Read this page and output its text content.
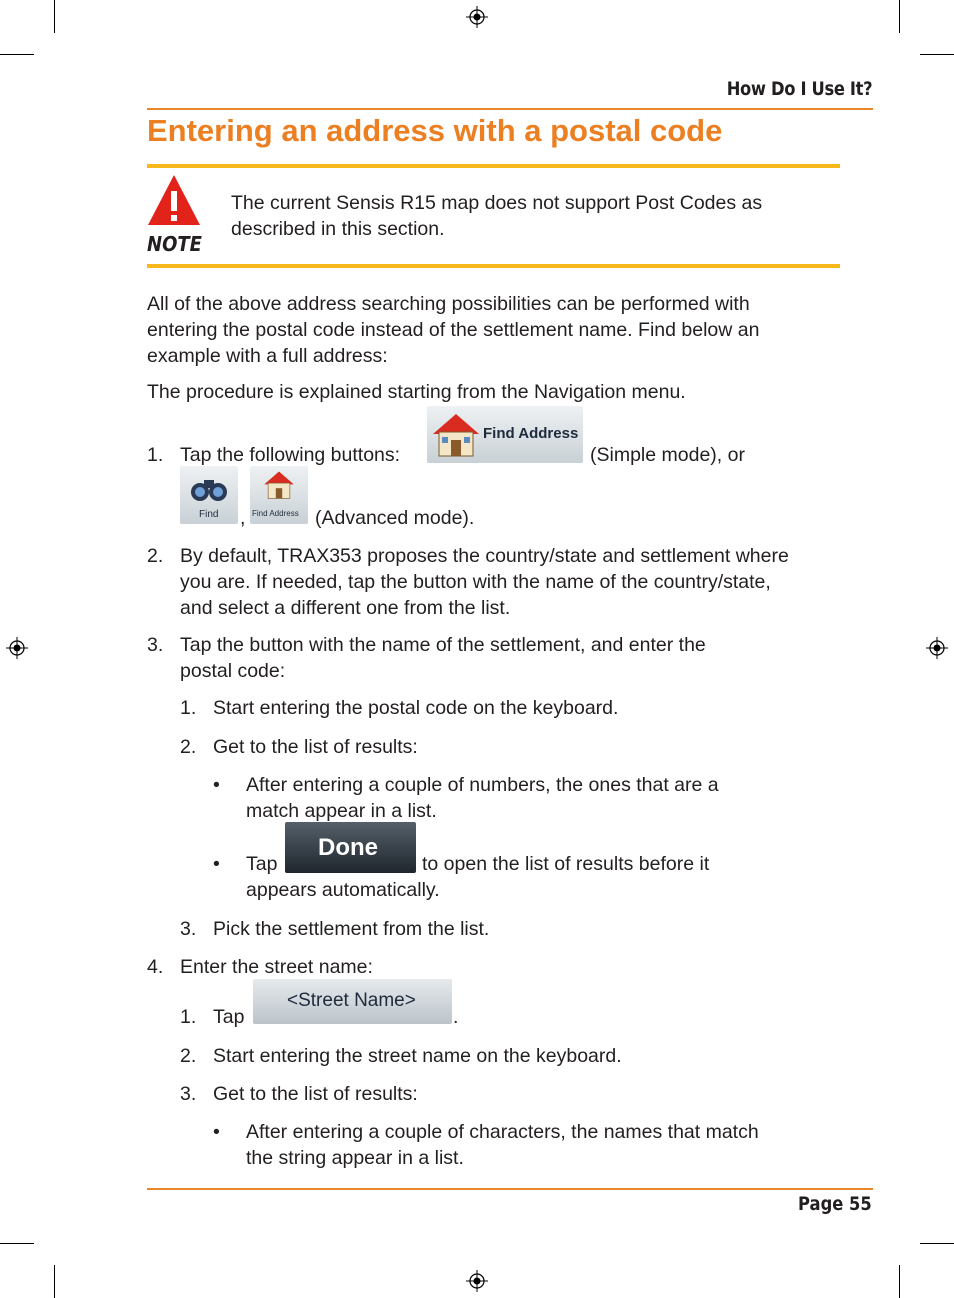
How Do I Use It?
Entering an address with a postal code
NOTE
The current Sensis R15 map does not support Post Codes as described in this section.
All of the above address searching possibilities can be performed with entering the postal code instead of the settlement name. Find below an example with a full address:
The procedure is explained starting from the Navigation menu.
1. Tap the following buttons:
Find Address
(Simple mode), or
Find , Find Address (Advanced mode).
2. By default, TRAX353 proposes the country/state and settlement where you are. If needed, tap the button with the name of the country/state, and select a different one from the list.
3. Tap the button with the name of the settlement, and enter the postal code:
1. Start entering the postal code on the keyboard.
2. Get to the list of results:
• After entering a couple of numbers, the ones that are a match appear in a list.
• Tap
Done
to open the list of results before it
appears automatically.
3. Pick the settlement from the list.
4. Enter the street name:
1. Tap
<Street Name>
.
2. Start entering the street name on the keyboard.
3. Get to the list of results:
• After entering a couple of characters, the names that match the string appear in a list.
Page 55
